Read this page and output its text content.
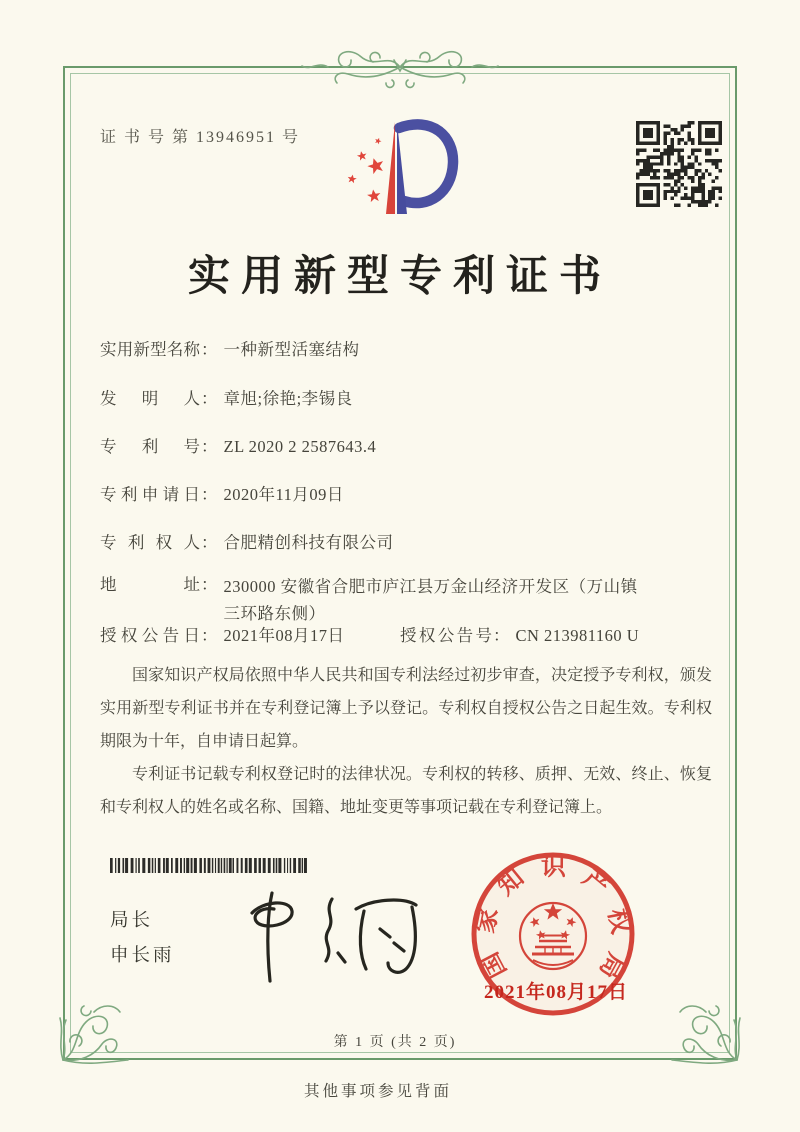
证 书 号 第 13946951 号
实用新型专利证书
实用新型名称 ： 一种新型活塞结构
发明人 ： 章旭;徐艳;李锡良
专利号 ： ZL 2020 2 2587643.4
专利申请日 ： 2020年11月09日
专利权人 ： 合肥精创科技有限公司
地址 ： 230000 安徽省合肥市庐江县万金山经济开发区（万山镇
三环路东侧）
授权公告日 ： 2021年08月17日	授权公告号 ： CN 213981160 U

国家知识产权局依照中华人民共和国专利法经过初步审查，决定授予专利权，颁发实用新型专利证书并在专利登记簿上予以登记。专利权自授权公告之日起生效。专利权期限为十年，自申请日起算。

专利证书记载专利权登记时的法律状况。专利权的转移、质押、无效、终止、恢复和专利权人的姓名或名称、国籍、地址变更等事项记载在专利登记簿上。

局长
申长雨	国家知识产权局
2021年08月17日
第 1 页 (共 2 页)
其他事项参见背面
